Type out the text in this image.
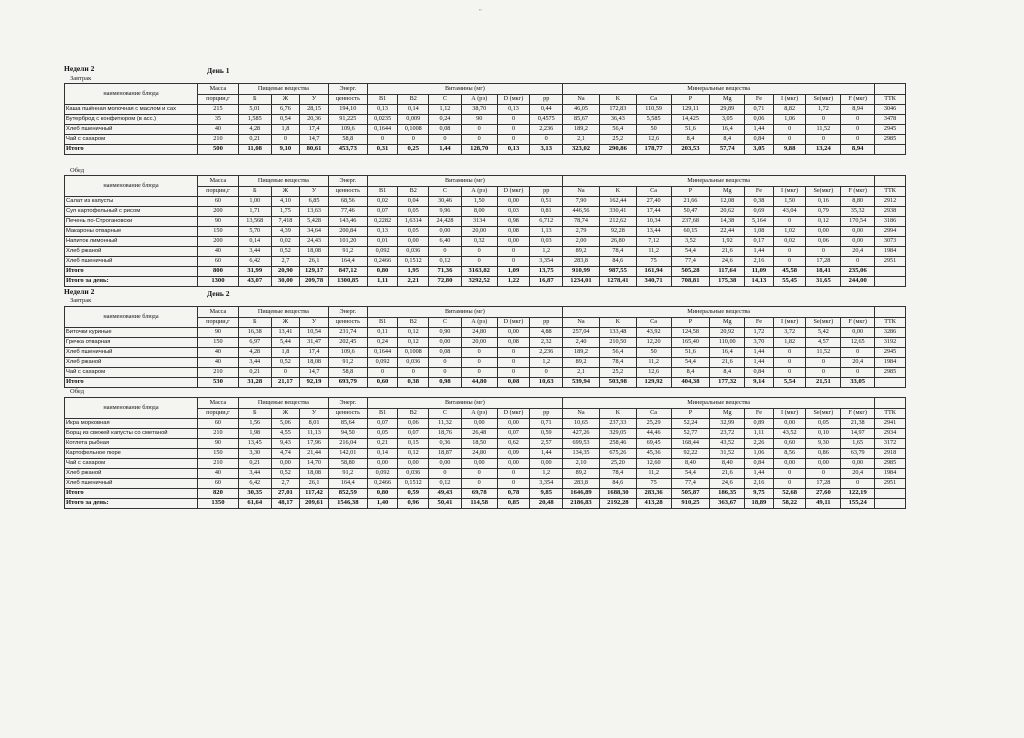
"
Недели 2	День 1
Завтрак
наименование блюда	Масса	Пищевые вещества			Энерг.	Витамины (мг)						Минеральные вещества									
	порции,г	Б	Ж	У	ценность	В1	В2	С	А (рэ)	D (мкг)	рр	Na	K	Ca	P	Mg	Fe	I (мкг)	Se(мкг)	F (мкг)	ТТК
Каша пшённая молочная с маслом и сах	215	5,01	6,76	28,15	194,10	0,13	0,14	1,12	38,70	0,13	0,44	46,05	172,83	110,59	129,11	29,89	0,71	8,82	1,72	8,94	3046
Бутерброд с конфитюром (в асс.)	35	1,585	0,54	20,36	91,225	0,0235	0,009	0,24	90	0	0,4575	85,67	36,43	5,585	14,425	3,05	0,06	1,06	0	0	3478
Хлеб пшеничный	40	4,28	1,8	17,4	109,6	0,1644	0,1008	0,08	0	0	2,236	189,2	56,4	50	51,6	16,4	1,44	0	11,52	0	2945
Чай с сахаром	210	0,21	0	14,7	58,8	0	0	0	0	0	0	2,1	25,2	12,6	8,4	8,4	0,84	0	0	0	2985
Итого	500	11,08	9,10	80,61	453,73	0,31	0,25	1,44	128,70	0,13	3,13	323,02	290,86	178,77	203,53	57,74	3,05	9,88	13,24	8,94	
Обед
наименование блюда	Масса	Пищевые вещества			Энерг.	Витамины (мг)						Минеральные вещества									
	порции,г	Б	Ж	У	ценность	В1	В2	С	А (рэ)	D (мкг)	рр	Na	K	Ca	P	Mg	Fe	I (мкг)	Se(мкг)	F (мкг)	ТТК
Салат из капусты	60	1,00	4,10	6,85	68,56	0,02	0,04	30,46	1,50	0,00	0,51	7,90	162,44	27,40	21,66	12,08	0,38	1,50	0,16	8,80	2912
Суп картофельный с рисом	200	1,71	1,75	13,63	77,46	0,07	0,05	9,96	8,00	0,03	0,81	446,56	330,41	17,44	50,47	20,62	0,69	43,04	0,79	35,32	2938
Печень по-Строгановски	90	13,568	7,418	5,428	143,46	0,2282	1,6314	24,428	3134	0,98	6,712	78,74	212,62	10,34	237,68	14,38	5,164	0	0,12	170,54	3186
Макароны отварные	150	5,70	4,39	34,64	200,84	0,13	0,05	0,00	20,00	0,08	1,13	2,79	92,28	13,44	60,15	22,44	1,08	1,02	0,00	0,00	2994
Напиток лимонный	200	0,14	0,02	24,43	101,20	0,01	0,00	6,40	0,32	0,00	0,03	2,00	26,80	7,12	3,52	1,92	0,17	0,02	0,06	0,00	3073
Хлеб ржаной	40	3,44	0,52	18,08	91,2	0,092	0,036	0	0	0	1,2	89,2	78,4	11,2	54,4	21,6	1,44	0	0	20,4	1984
Хлеб пшеничный	60	6,42	2,7	26,1	164,4	0,2466	0,1512	0,12	0	0	3,354	283,8	84,6	75	77,4	24,6	2,16	0	17,28	0	2951
Итого	800	31,99	20,90	129,17	847,12	0,80	1,95	71,36	3163,82	1,09	13,75	910,99	987,55	161,94	505,28	117,64	11,09	45,58	18,41	235,06	
Итого за день:	1300	43,07	30,00	209,78	1300,85	1,11	2,21	72,80	3292,52	1,22	16,87	1234,01	1278,41	340,71	708,81	175,38	14,13	55,45	31,65	244,00	
Недели 2	День 2
Завтрак
наименование блюда	Масса	Пищевые вещества			Энерг.	Витамины (мг)						Минеральные вещества									
	порции,г	Б	Ж	У	ценность	В1	В2	С	А (рэ)	D (мкг)	рр	Na	K	Ca	P	Mg	Fe	I (мкг)	Se(мкг)	F (мкг)	ТТК
Биточки куриные	90	16,38	13,41	10,54	231,74	0,11	0,12	0,90	24,80	0,00	4,88	257,04	133,48	43,92	124,58	20,92	1,72	3,72	5,42	0,00	3286
Гречка отварная	150	6,97	5,44	31,47	202,45	0,24	0,12	0,00	20,00	0,08	2,32	2,40	210,50	12,20	165,40	110,00	3,70	1,82	4,57	12,65	3192
Хлеб пшеничный	40	4,28	1,8	17,4	109,6	0,1644	0,1008	0,08	0	0	2,236	189,2	56,4	50	51,6	16,4	1,44	0	11,52	0	2945
Хлеб ржаной	40	3,44	0,52	18,08	91,2	0,092	0,036	0	0	0	1,2	89,2	78,4	11,2	54,4	21,6	1,44	0	0	20,4	1984
Чай с сахаром	210	0,21	0	14,7	58,8	0	0	0	0	0	0	2,1	25,2	12,6	8,4	8,4	0,84	0	0	0	2985
Итого	530	31,28	21,17	92,19	693,79	0,60	0,38	0,98	44,80	0,08	10,63	539,94	503,98	129,92	404,38	177,32	9,14	5,54	21,51	33,05	
Обед
наименование блюда	Масса	Пищевые вещества			Энерг.	Витамины (мг)						Минеральные вещества									
	порции,г	Б	Ж	У	ценность	В1	В2	С	А (рэ)	D (мкг)	рр	Na	K	Ca	P	Mg	Fe	I (мкг)	Se(мкг)	F (мкг)	ТТК
Икра морковная	60	1,56	5,06	8,01	85,64	0,07	0,06	11,32	0,00	0,00	0,71	10,65	237,33	25,29	52,24	32,99	0,89	0,00	0,05	21,38	2941
Борщ из свежей капусты со сметаной	210	1,98	4,55	11,13	94,50	0,05	0,07	18,76	26,48	0,07	0,59	427,26	329,05	44,46	52,77	23,72	1,11	43,52	0,10	14,97	2934
Котлета рыбная	90	13,45	9,43	17,96	216,04	0,21	0,15	0,36	18,50	0,62	2,57	699,53	258,46	69,45	168,44	43,52	2,26	0,60	9,30	1,65	3172
Картофельное пюре	150	3,30	4,74	21,44	142,01	0,14	0,12	18,87	24,80	0,09	1,44	134,35	675,26	45,36	92,22	31,52	1,06	8,56	0,86	63,79	2918
Чай с сахаром	210	0,21	0,00	14,70	58,80	0,00	0,00	0,00	0,00	0,00	0,00	2,10	25,20	12,60	8,40	8,40	0,84	0,00	0,00	0,00	2985
Хлеб ржаной	40	3,44	0,52	18,08	91,2	0,092	0,036	0	0	0	1,2	89,2	78,4	11,2	54,4	21,6	1,44	0	0	20,4	1984
Хлеб пшеничный	60	6,42	2,7	26,1	164,4	0,2466	0,1512	0,12	0	0	3,354	283,8	84,6	75	77,4	24,6	2,16	0	17,28	0	2951
Итого	820	30,35	27,01	117,42	852,59	0,80	0,59	49,43	69,78	0,78	9,85	1646,89	1688,30	283,36	505,87	186,35	9,75	52,68	27,60	122,19	
Итого за день:	1350	61,64	48,17	209,61	1546,38	1,40	0,96	50,41	114,58	0,85	20,48	2186,83	2192,28	413,28	910,25	363,67	18,89	58,22	49,11	155,24	
